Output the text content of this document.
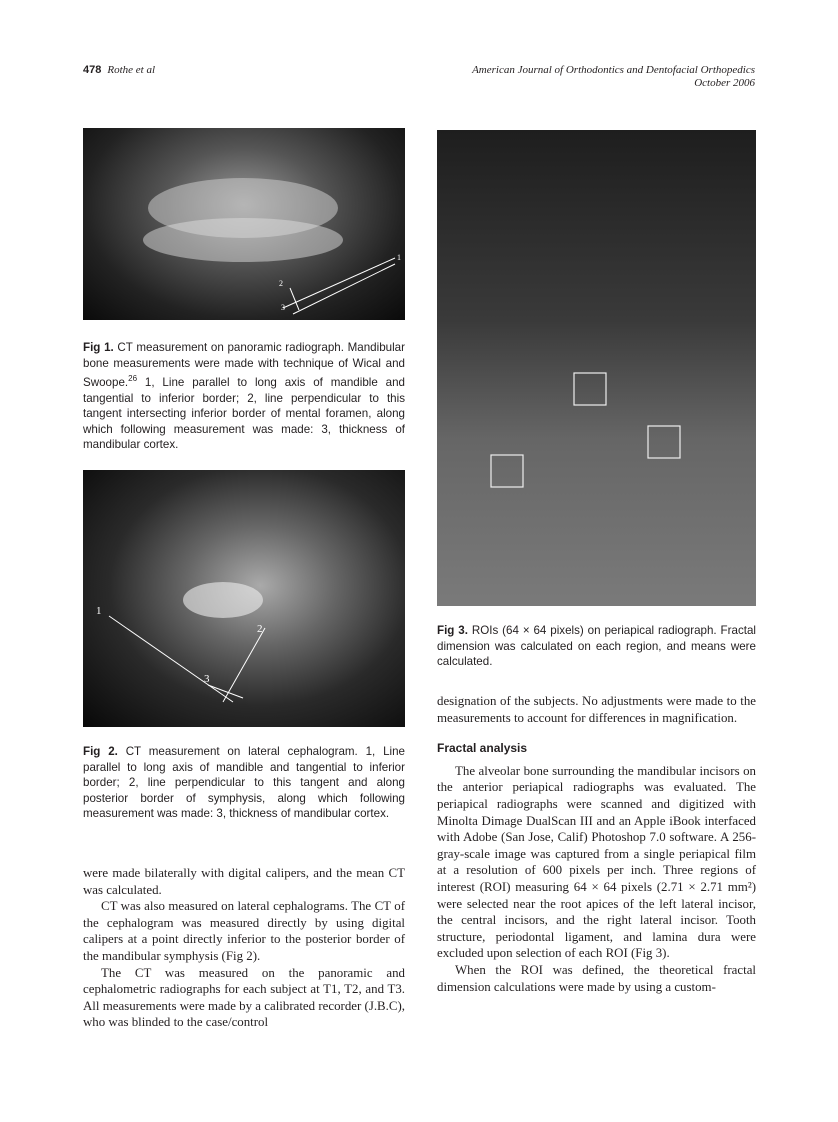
478 Rothe et al	American Journal of Orthodontics and Dentofacial Orthopedics
October 2006
1
2
3
Fig 1. CT measurement on panoramic radiograph. Mandibular bone measurements were made with technique of Wical and Swoope.$^{26}$ 1, Line parallel to long axis of mandible and tangential to inferior border; 2, line perpendicular to this tangent intersecting inferior border of mental foramen, along which following measurement was made: 3, thickness of mandibular cortex.
1
2
3
Fig 2. CT measurement on lateral cephalogram. 1, Line parallel to long axis of mandible and tangential to inferior border; 2, line perpendicular to this tangent and along posterior border of symphysis, along which following measurement was made: 3, thickness of mandibular cortex.
Fig 3. ROIs (64 × 64 pixels) on periapical radiograph. Fractal dimension was calculated on each region, and means were calculated.

were made bilaterally with digital calipers, and the mean CT was calculated.

CT was also measured on lateral cephalograms. The CT of the cephalogram was measured directly by using digital calipers at a point directly inferior to the posterior border of the mandibular symphysis (Fig 2).

The CT was measured on the panoramic and cephalometric radiographs for each subject at T1, T2, and T3. All measurements were made by a calibrated recorder (J.B.C), who was blinded to the case/control

designation of the subjects. No adjustments were made to the measurements to account for differences in magnification.

Fractal analysis

The alveolar bone surrounding the mandibular incisors on the anterior periapical radiographs was evaluated. The periapical radiographs were scanned and digitized with Minolta Dimage DualScan III and an Apple iBook interfaced with Adobe (San Jose, Calif) Photoshop 7.0 software. A 256-gray-scale image was captured from a single periapical film at a resolution of 600 pixels per inch. Three regions of interest (ROI) measuring 64 × 64 pixels (2.71 × 2.71 mm²) were selected near the root apices of the left lateral incisor, the central incisors, and the right lateral incisor. Tooth structure, periodontal ligament, and lamina dura were excluded upon selection of each ROI (Fig 3).

When the ROI was defined, the theoretical fractal dimension calculations were made by using a custom-
